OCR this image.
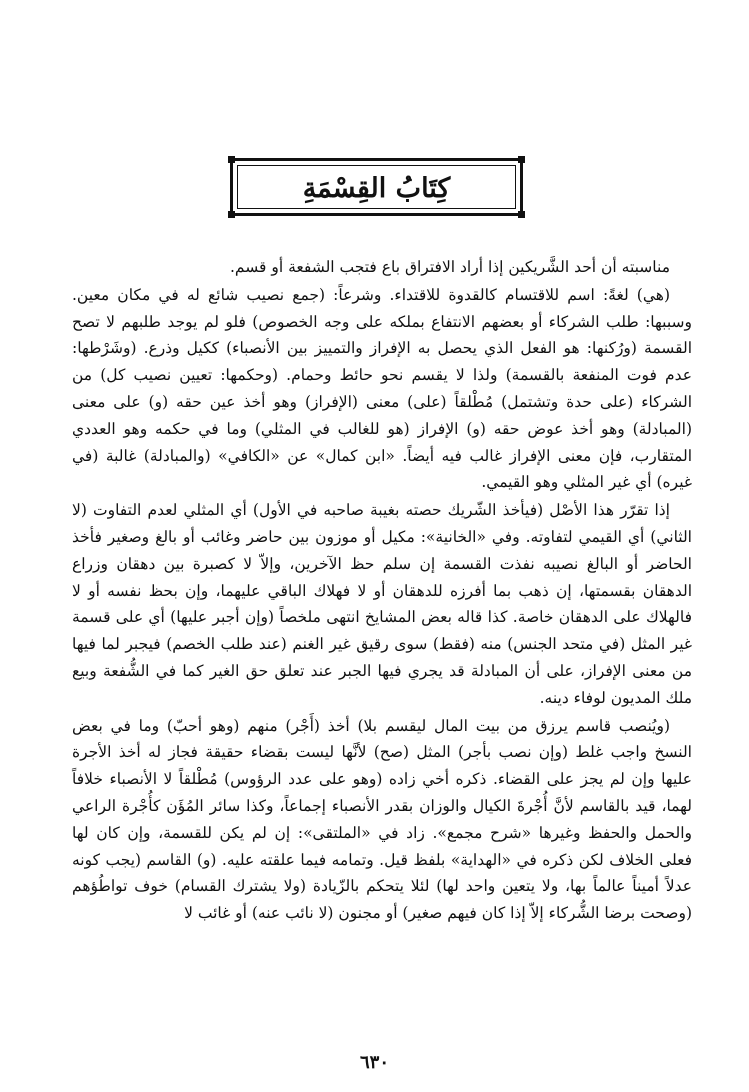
كِتَابُ القِسْمَةِ

مناسبته أن أحد الشَّريكين إذا أراد الافتراق باع فتجب الشفعة أو قسم.

(هي) لغةً: اسم للاقتسام كالقدوة للاقتداء. وشرعاً: (جمع نصيب شائع له في مكان معين. وسببها: طلب الشركاء أو بعضهم الانتفاع بملكه على وجه الخصوص) فلو لم يوجد طلبهم لا تصح القسمة (ورُكنها: هو الفعل الذي يحصل به الإفراز والتمييز بين الأنصباء) ككيل وذرع. (وشَرْطها: عدم فوت المنفعة بالقسمة) ولذا لا يقسم نحو حائط وحمام. (وحكمها: تعيين نصيب كل) من الشركاء (على حدة وتشتمل) مُطْلقاً (على) معنى (الإفراز) وهو أخذ عين حقه (و) على معنى (المبادلة) وهو أخذ عوض حقه (و) الإفراز (هو للغالب في المثلي) وما في حكمه وهو العددي المتقارب، فإن معنى الإفراز غالب فيه أيضاً. «ابن كمال» عن «الكافي» (والمبادلة) غالبة (في غيره) أي غير المثلي وهو القيمي.

إذا تقرّر هذا الأصْل (فيأخذ الشّريك حصته بغيبة صاحبه في الأول) أي المثلي لعدم التفاوت (لا الثاني) أي القيمي لتفاوته. وفي «الخانية»: مكيل أو موزون بين حاضر وغائب أو بالغ وصغير فأخذ الحاضر أو البالغ نصيبه نفذت القسمة إن سلم حظ الآخرين، وإلاّ لا كصبرة بين دهقان وزراع الدهقان بقسمتها، إن ذهب بما أفرزه للدهقان أو لا فهلاك الباقي عليهما، وإن بحظ نفسه أو لا فالهلاك على الدهقان خاصة. كذا قاله بعض المشايخ انتهى ملخصاً (وإن أجبر عليها) أي على قسمة غير المثل (في متحد الجنس) منه (فقط) سوى رقيق غير الغنم (عند طلب الخصم) فيجبر لما فيها من معنى الإفراز، على أن المبادلة قد يجري فيها الجبر عند تعلق حق الغير كما في الشُّفعة وبيع ملك المديون لوفاء دينه.

(ويُنصب قاسم يرزق من بيت المال ليقسم بلا) أخذ (أَجْر) منهم (وهو أحبّ) وما في بعض النسخ واجب غلط (وإن نصب بأجر) المثل (صح) لأنَّها ليست بقضاء حقيقة فجاز له أخذ الأجرة عليها وإن لم يجز على القضاء. ذكره أخي زاده (وهو على عدد الرؤوس) مُطْلقاً لا الأنصباء خلافاً لهما، قيد بالقاسم لأنَّ أُجْرةَ الكيال والوزان بقدر الأنصباء إجماعاً، وكذا سائر المُؤَن كأُجْرة الراعي والحمل والحفظ وغيرها «شرح مجمع». زاد في «الملتقى»: إن لم يكن للقسمة، وإن كان لها فعلى الخلاف لكن ذكره في «الهداية» بلفظ قيل. وتمامه فيما علقته عليه. (و) القاسم (يجب كونه عدلاً أميناً عالماً بها، ولا يتعين واحد لها) لئلا يتحكم بالزّيادة (ولا يشترك القسام) خوف تواطُؤهم (وصحت برضا الشُّركاء إلاّ إذا كان فيهم صغير) أو مجنون (لا نائب عنه) أو غائب لا

٦٣٠
